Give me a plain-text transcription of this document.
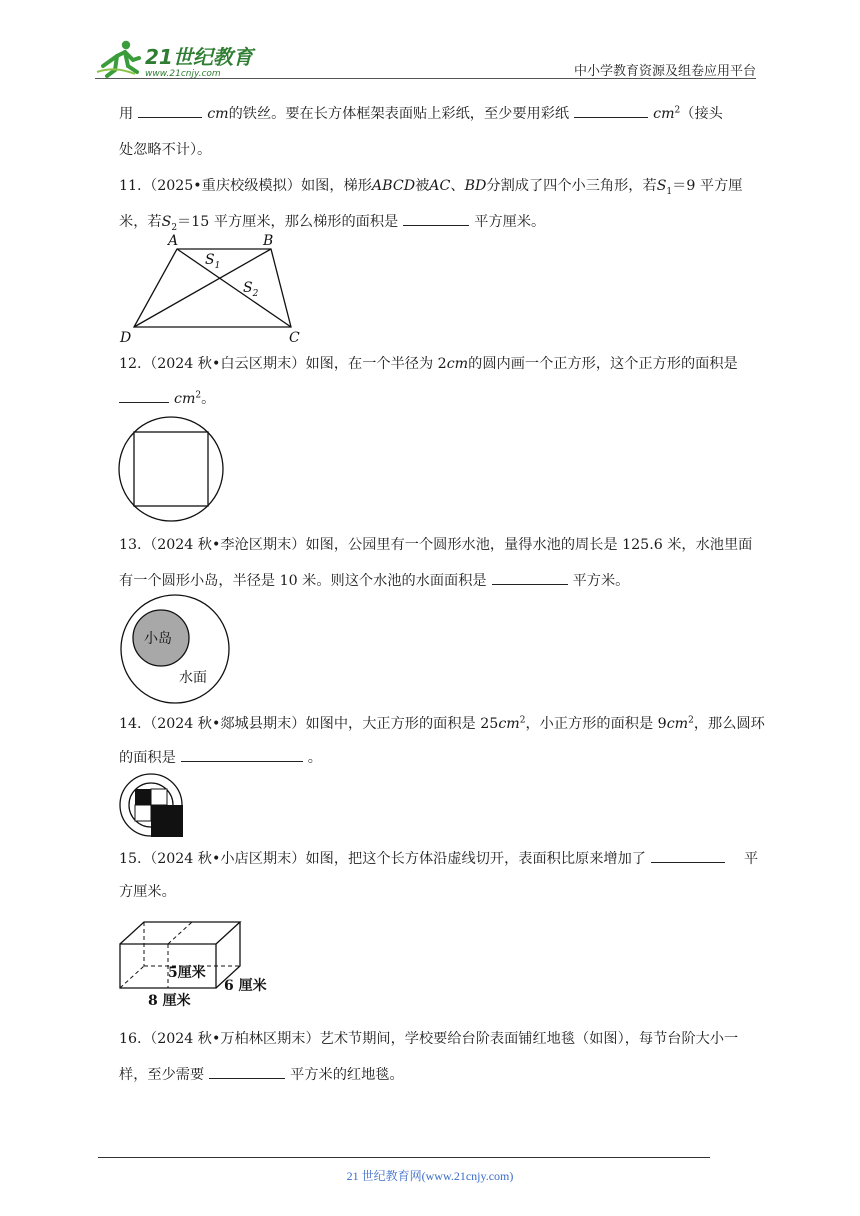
21世纪教育
www.21cnjy.com	中小学教育资源及组卷应用平台
用	cm的铁丝。要在长方体框架表面贴上彩纸，至少要用彩纸	$cm^2$（接头
处忽略不计）。
11.（2025•重庆校级模拟）如图，梯形ABCD被AC、BD分割成了四个小三角形，若$S_1=9$ 平方厘
米，若$S_2=15$ 平方厘米，那么梯形的面积是	平方厘米。
A	B
C
D
$S_1$
$S_2$
12.（2024 秋•白云区期末）如图，在一个半径为 2cm的圆内画一个正方形，这个正方形的面积是
$cm^2$。
13.（2024 秋•李沧区期末）如图，公园里有一个圆形水池，量得水池的周长是 125.6 米，水池里面
有一个圆形小岛，半径是 10 米。则这个水池的水面面积是	平方米。
小岛
水面
14.（2024 秋•郯城县期末）如图中，大正方形的面积是 $25cm^2$，小正方形的面积是 $9cm^2$，那么圆环
的面积是	。
15.（2024 秋•小店区期末）如图，把这个长方体沿虚线切开，表面积比原来增加了	平
方厘米。
5厘米
8 厘米
6 厘米
16.（2024 秋•万柏林区期末）艺术节期间，学校要给台阶表面铺红地毯（如图），每节台阶大小一
样，至少需要	平方米的红地毯。
21 世纪教育网(www.21cnjy.com)
